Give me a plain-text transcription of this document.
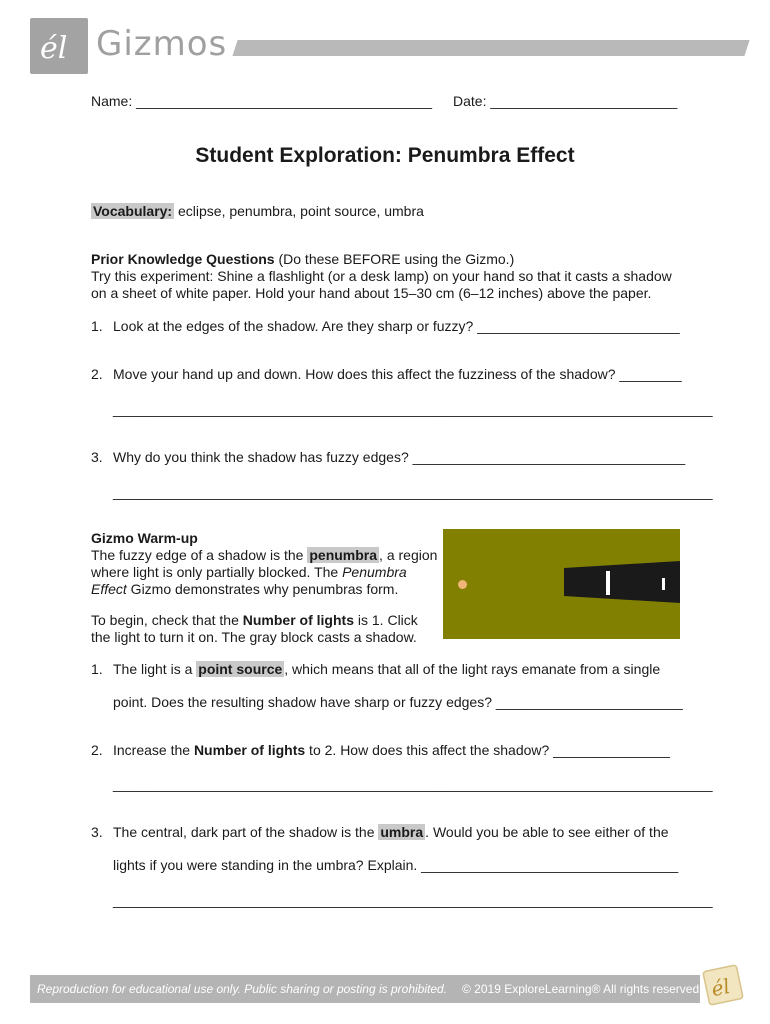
él Gizmos
Name: ______________________________________ Date: ________________________
Student Exploration: Penumbra Effect
Vocabulary: eclipse, penumbra, point source, umbra
Prior Knowledge Questions (Do these BEFORE using the Gizmo.)
Try this experiment: Shine a flashlight (or a desk lamp) on your hand so that it casts a shadow
on a sheet of white paper. Hold your hand about 15–30 cm (6–12 inches) above the paper.
1. Look at the edges of the shadow. Are they sharp or fuzzy? __________________________
2. Move your hand up and down. How does this affect the fuzziness of the shadow? ________
_____________________________________________________________________________
3. Why do you think the shadow has fuzzy edges? ___________________________________
_____________________________________________________________________________
Gizmo Warm-up
The fuzzy edge of a shadow is the penumbra , a region
where light is only partially blocked. The Penumbra
Effect Gizmo demonstrates why penumbras form.
To begin, check that the Number of lights is 1. Click
the light to turn it on. The gray block casts a shadow.
1. The light is a point source , which means that all of the light rays emanate from a single
point. Does the resulting shadow have sharp or fuzzy edges? ________________________
2. Increase the Number of lights to 2. How does this affect the shadow? _______________
_____________________________________________________________________________
3. The central, dark part of the shadow is the umbra . Would you be able to see either of the
lights if you were standing in the umbra? Explain. _________________________________
_____________________________________________________________________________
Reproduction for educational use only. Public sharing or posting is prohibited. © 2019 ExploreLearning® All rights reserved él
